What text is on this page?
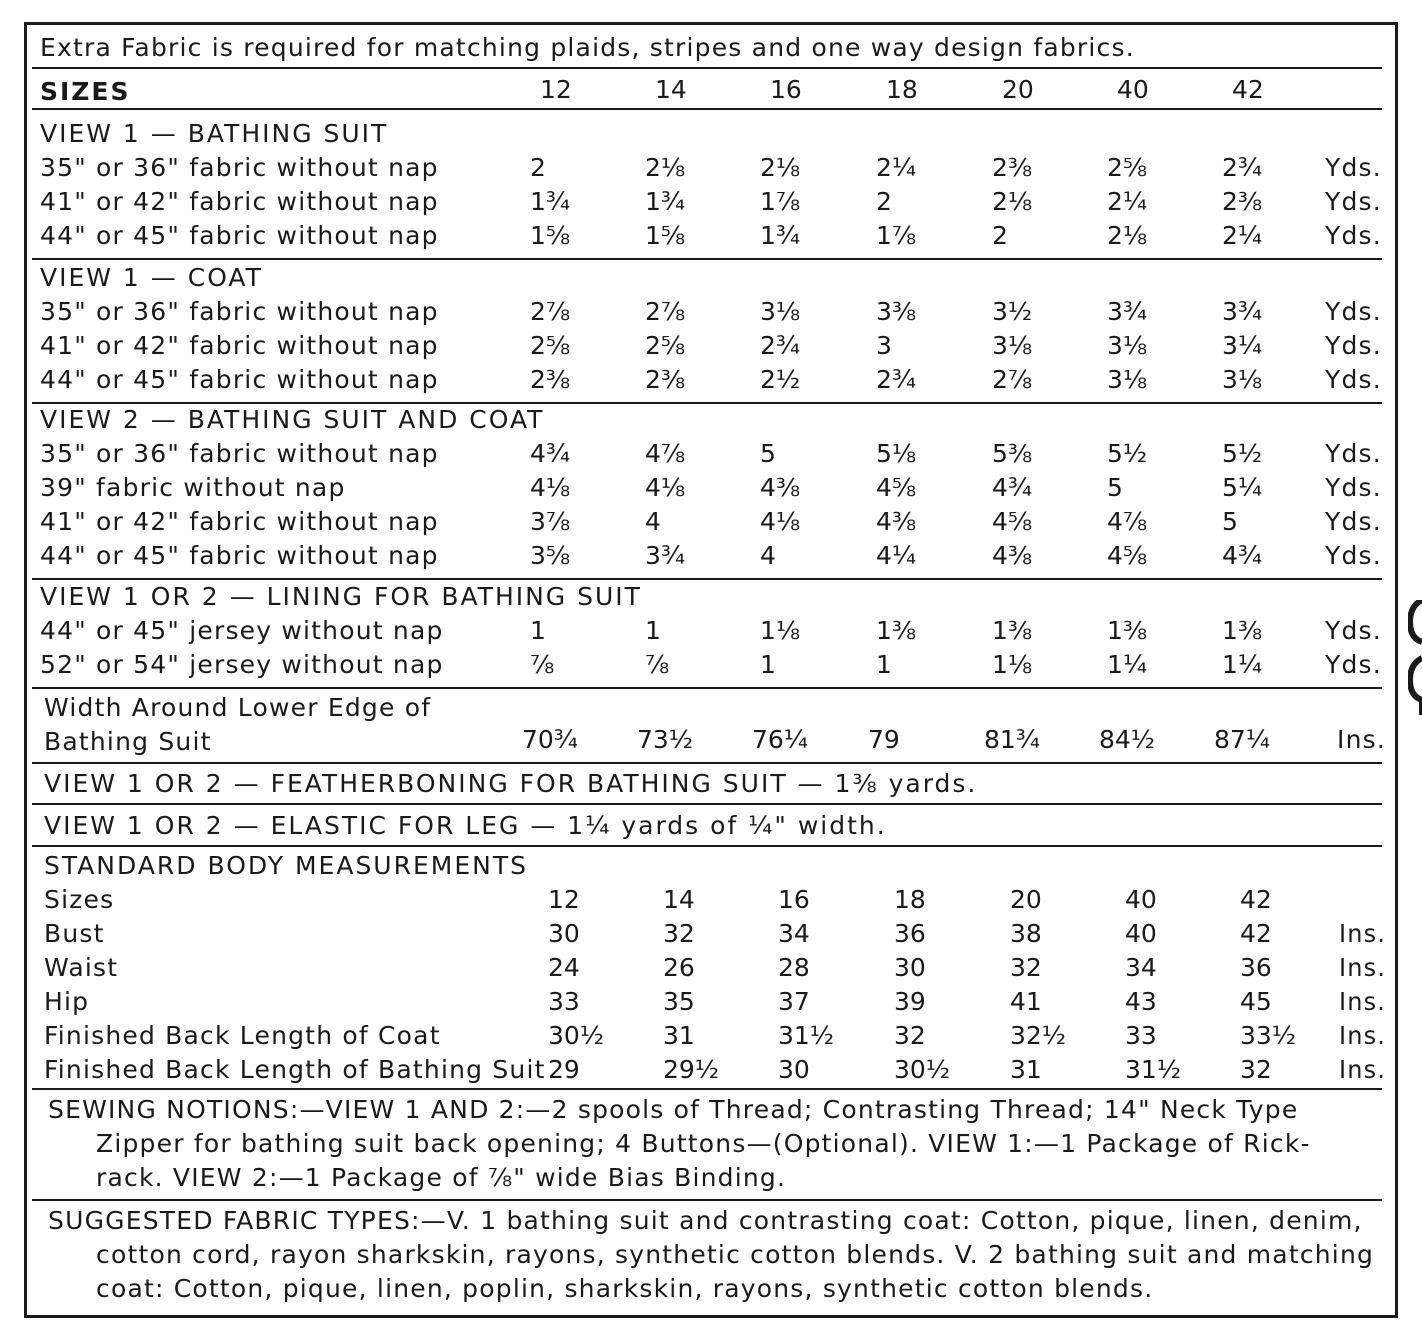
Extra Fabric is required for matching plaids, stripes and one way design fabrics.
SIZES	12	14	16	18	20	40	42
VIEW 1 — BATHING SUIT
35" or 36" fabric without nap	2	2⅛	2⅛	2¼	2⅜	2⅝	2¾	Yds.
41" or 42" fabric without nap	1¾	1¾	1⅞	2	2⅛	2¼	2⅜	Yds.
44" or 45" fabric without nap	1⅝	1⅝	1¾	1⅞	2	2⅛	2¼	Yds.
VIEW 1 — COAT
35" or 36" fabric without nap	2⅞	2⅞	3⅛	3⅜	3½	3¾	3¾	Yds.
41" or 42" fabric without nap	2⅝	2⅝	2¾	3	3⅛	3⅛	3¼	Yds.
44" or 45" fabric without nap	2⅜	2⅜	2½	2¾	2⅞	3⅛	3⅛	Yds.
VIEW 2 — BATHING SUIT AND COAT
35" or 36" fabric without nap	4¾	4⅞	5	5⅛	5⅜	5½	5½	Yds.
39" fabric without nap	4⅛	4⅛	4⅜	4⅝	4¾	5	5¼	Yds.
41" or 42" fabric without nap	3⅞	4	4⅛	4⅜	4⅝	4⅞	5	Yds.
44" or 45" fabric without nap	3⅝	3¾	4	4¼	4⅜	4⅝	4¾	Yds.
VIEW 1 OR 2 — LINING FOR BATHING SUIT
44" or 45" jersey without nap	1	1	1⅛	1⅜	1⅜	1⅜	1⅜	Yds.
52" or 54" jersey without nap	⅞	⅞	1	1	1⅛	1¼	1¼	Yds.
Width Around Lower Edge of
Bathing Suit	70¾ 73½ 76¼ 79	81¾ 84½ 87¼	Ins.
VIEW 1 OR 2 — FEATHERBONING FOR BATHING SUIT — 1⅜ yards.
VIEW 1 OR 2 — ELASTIC FOR LEG — 1¼ yards of ¼" width.
STANDARD BODY MEASUREMENTS
Sizes	12	14	16	18	20	40	42
Bust	30	32	34	36	38	40	42	Ins.
Waist	24	26	28	30	32	34	36	Ins.
Hip	33	35	37	39	41	43	45	Ins.
Finished Back Length of Coat	30½ 31	31½ 32	32½ 33	33½ Ins.
Finished Back Length of Bathing Suit 29	29½ 30	30½ 31	31½ 32	Ins.
SEWING NOTIONS:—VIEW 1 AND 2:—2 spools of Thread; Contrasting Thread; 14" Neck Type
Zipper for bathing suit back opening; 4 Buttons—(Optional). VIEW 1:—1 Package of Rick-
rack. VIEW 2:—1 Package of ⅞" wide Bias Binding.
SUGGESTED FABRIC TYPES:—V. 1 bathing suit and contrasting coat: Cotton, pique, linen, denim,
cotton cord, rayon sharkskin, rayons, synthetic cotton blends. V. 2 bathing suit and matching
coat: Cotton, pique, linen, poplin, sharkskin, rayons, synthetic cotton blends.
